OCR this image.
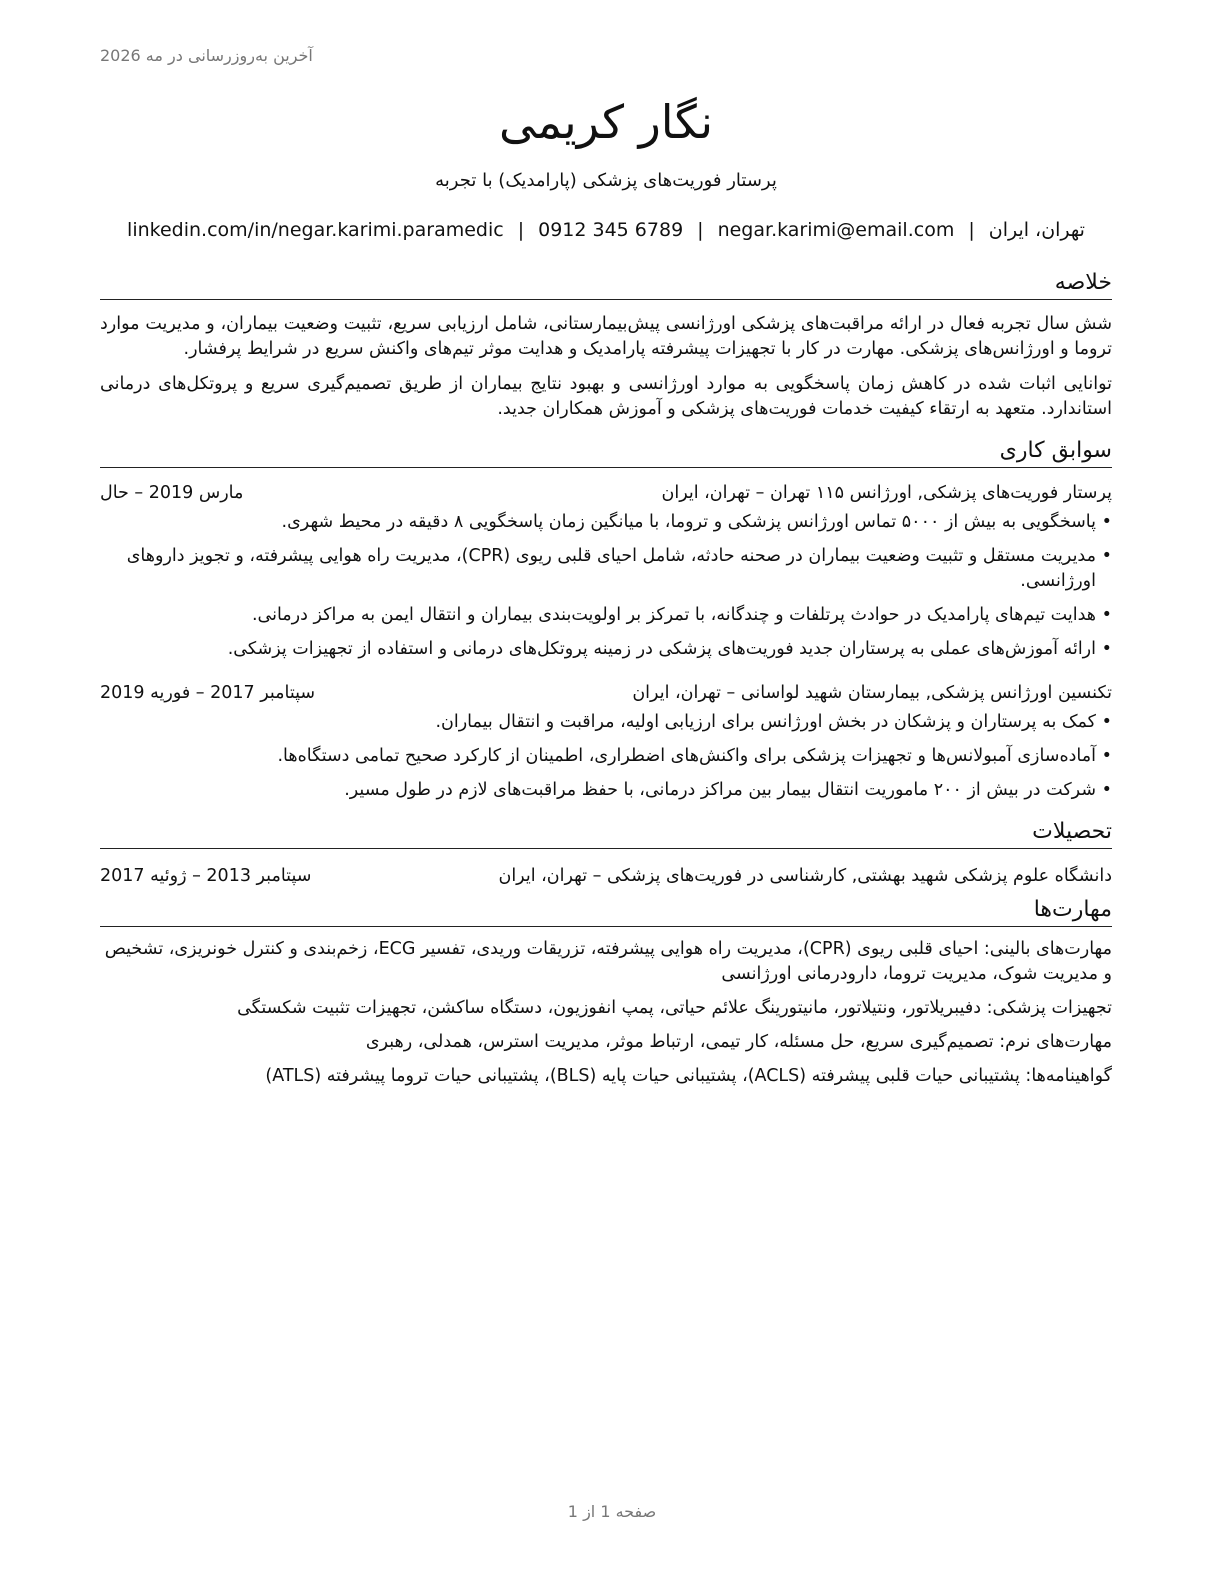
آخرین به‌روزرسانی در مه 2026
نگار کریمی
پرستار فوریت‌های پزشکی (پارامدیک) با تجربه
تهران، ایران|negar.karimi@email.com|0912 345 6789|linkedin.com/in/negar.karimi.paramedic
خلاصه

شش سال تجربه فعال در ارائه مراقبت‌های پزشکی اورژانسی پیش‌بیمارستانی، شامل ارزیابی سریع، تثبیت وضعیت بیماران، و مدیریت موارد تروما و اورژانس‌های پزشکی. مهارت در کار با تجهیزات پیشرفته پارامدیک و هدایت موثر تیم‌های واکنش سریع در شرایط پرفشار.

توانایی اثبات شده در کاهش زمان پاسخگویی به موارد اورژانسی و بهبود نتایج بیماران از طریق تصمیم‌گیری سریع و پروتکل‌های درمانی استاندارد. متعهد به ارتقاء کیفیت خدمات فوریت‌های پزشکی و آموزش همکاران جدید.

سوابق کاری
پرستار فوریت‌های پزشکی, اورژانس ۱۱۵ تهران – تهران، ایران
مارس 2019 – حال
• پاسخگویی به بیش از ۵۰۰۰ تماس اورژانس پزشکی و تروما، با میانگین زمان پاسخگویی ۸ دقیقه در محیط شهری.
• مدیریت مستقل و تثبیت وضعیت بیماران در صحنه حادثه، شامل احیای قلبی ریوی (CPR)، مدیریت راه هوایی پیشرفته، و تجویز داروهای اورژانسی.
• هدایت تیم‌های پارامدیک در حوادث پرتلفات و چندگانه، با تمرکز بر اولویت‌بندی بیماران و انتقال ایمن به مراکز درمانی.
• ارائه آموزش‌های عملی به پرستاران جدید فوریت‌های پزشکی در زمینه پروتکل‌های درمانی و استفاده از تجهیزات پزشکی.
تکنسین اورژانس پزشکی, بیمارستان شهید لواسانی – تهران، ایران
سپتامبر 2017 – فوریه 2019
• کمک به پرستاران و پزشکان در بخش اورژانس برای ارزیابی اولیه، مراقبت و انتقال بیماران.
• آماده‌سازی آمبولانس‌ها و تجهیزات پزشکی برای واکنش‌های اضطراری، اطمینان از کارکرد صحیح تمامی دستگاه‌ها.
• شرکت در بیش از ۲۰۰ ماموریت انتقال بیمار بین مراکز درمانی، با حفظ مراقبت‌های لازم در طول مسیر.
تحصیلات
دانشگاه علوم پزشکی شهید بهشتی, کارشناسی در فوریت‌های پزشکی – تهران، ایران
سپتامبر 2013 – ژوئیه 2017
مهارت‌ها
مهارت‌های بالینی: احیای قلبی ریوی (CPR)، مدیریت راه هوایی پیشرفته، تزریقات وریدی، تفسیر ECG، زخم‌بندی و کنترل خونریزی، تشخیص و مدیریت شوک، مدیریت تروما، دارودرمانی اورژانسی
تجهیزات پزشکی: دفیبریلاتور، ونتیلاتور، مانیتورینگ علائم حیاتی، پمپ انفوزیون، دستگاه ساکشن، تجهیزات تثبیت شکستگی
مهارت‌های نرم: تصمیم‌گیری سریع، حل مسئله، کار تیمی، ارتباط موثر، مدیریت استرس، همدلی، رهبری
گواهینامه‌ها: پشتیبانی حیات قلبی پیشرفته (ACLS)، پشتیبانی حیات پایه (BLS)، پشتیبانی حیات تروما پیشرفته (ATLS)
صفحه 1 از 1
